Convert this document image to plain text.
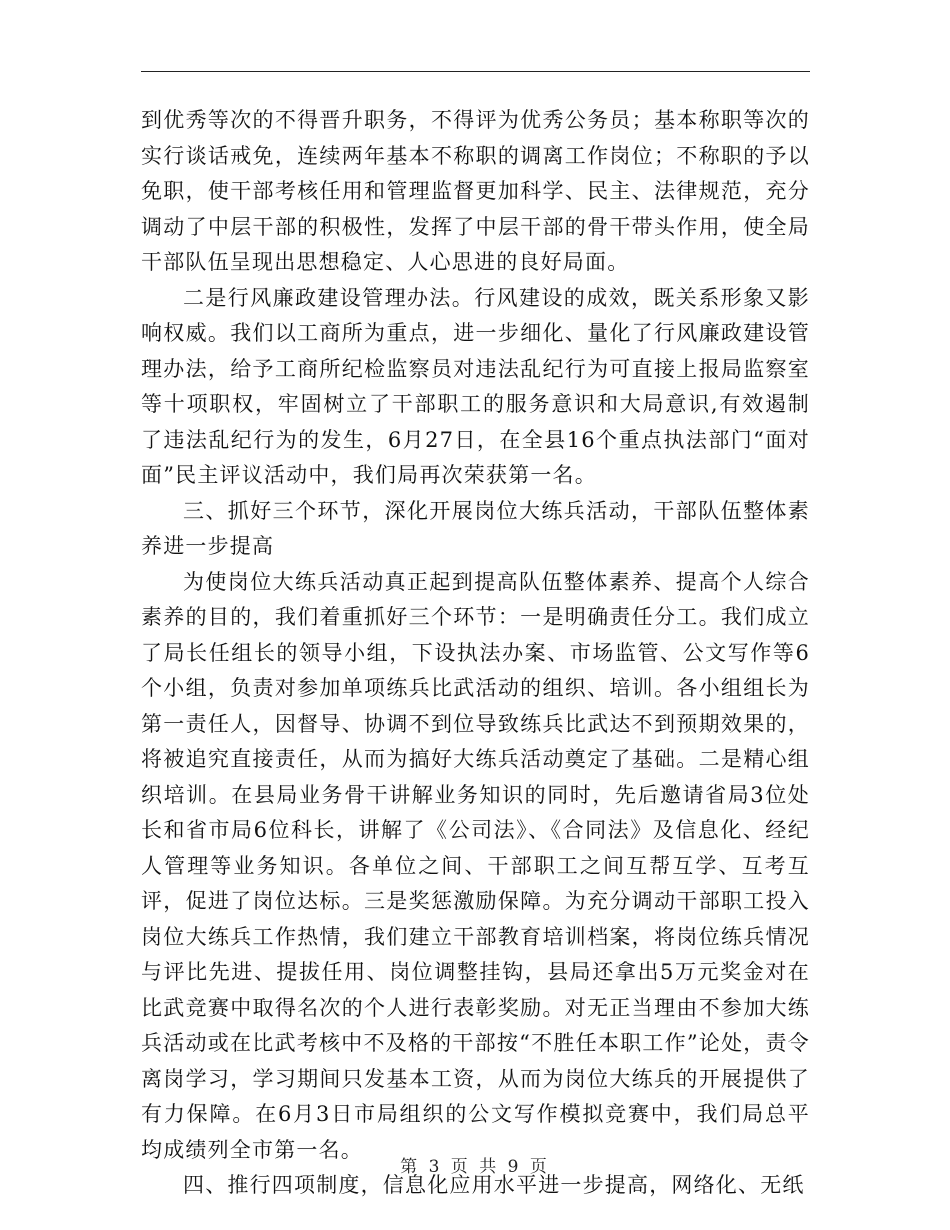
到优秀等次的不得晋升职务，不得评为优秀公务员；基本称职等次的实行谈话戒免，连续两年基本不称职的调离工作岗位；不称职的予以免职，使干部考核任用和管理监督更加科学、民主、法律规范，充分调动了中层干部的积极性，发挥了中层干部的骨干带头作用，使全局干部队伍呈现出思想稳定、人心思进的良好局面。

二是行风廉政建设管理办法。行风建设的成效，既关系形象又影响权威。我们以工商所为重点，进一步细化、量化了行风廉政建设管理办法，给予工商所纪检监察员对违法乱纪行为可直接上报局监察室等十项职权，牢固树立了干部职工的服务意识和大局意识,有效遏制了违法乱纪行为的发生，6月27日，在全县16个重点执法部门“面对面”民主评议活动中，我们局再次荣获第一名。

三、抓好三个环节，深化开展岗位大练兵活动，干部队伍整体素养进一步提高

为使岗位大练兵活动真正起到提高队伍整体素养、提高个人综合素养的目的，我们着重抓好三个环节：一是明确责任分工。我们成立了局长任组长的领导小组，下设执法办案、市场监管、公文写作等6个小组，负责对参加单项练兵比武活动的组织、培训。各小组组长为第一责任人，因督导、协调不到位导致练兵比武达不到预期效果的，将被追究直接责任，从而为搞好大练兵活动奠定了基础。二是精心组织培训。在县局业务骨干讲解业务知识的同时，先后邀请省局3位处长和省市局6位科长，讲解了《公司法》、《合同法》及信息化、经纪人管理等业务知识。各单位之间、干部职工之间互帮互学、互考互评，促进了岗位达标。三是奖惩激励保障。为充分调动干部职工投入岗位大练兵工作热情，我们建立干部教育培训档案，将岗位练兵情况与评比先进、提拔任用、岗位调整挂钩，县局还拿出5万元奖金对在比武竞赛中取得名次的个人进行表彰奖励。对无正当理由不参加大练兵活动或在比武考核中不及格的干部按“不胜任本职工作”论处，责令离岗学习，学习期间只发基本工资，从而为岗位大练兵的开展提供了有力保障。在6月3日市局组织的公文写作模拟竞赛中，我们局总平均成绩列全市第一名。

四、推行四项制度，信息化应用水平进一步提高，网络化、无纸

第 3 页 共 9 页
